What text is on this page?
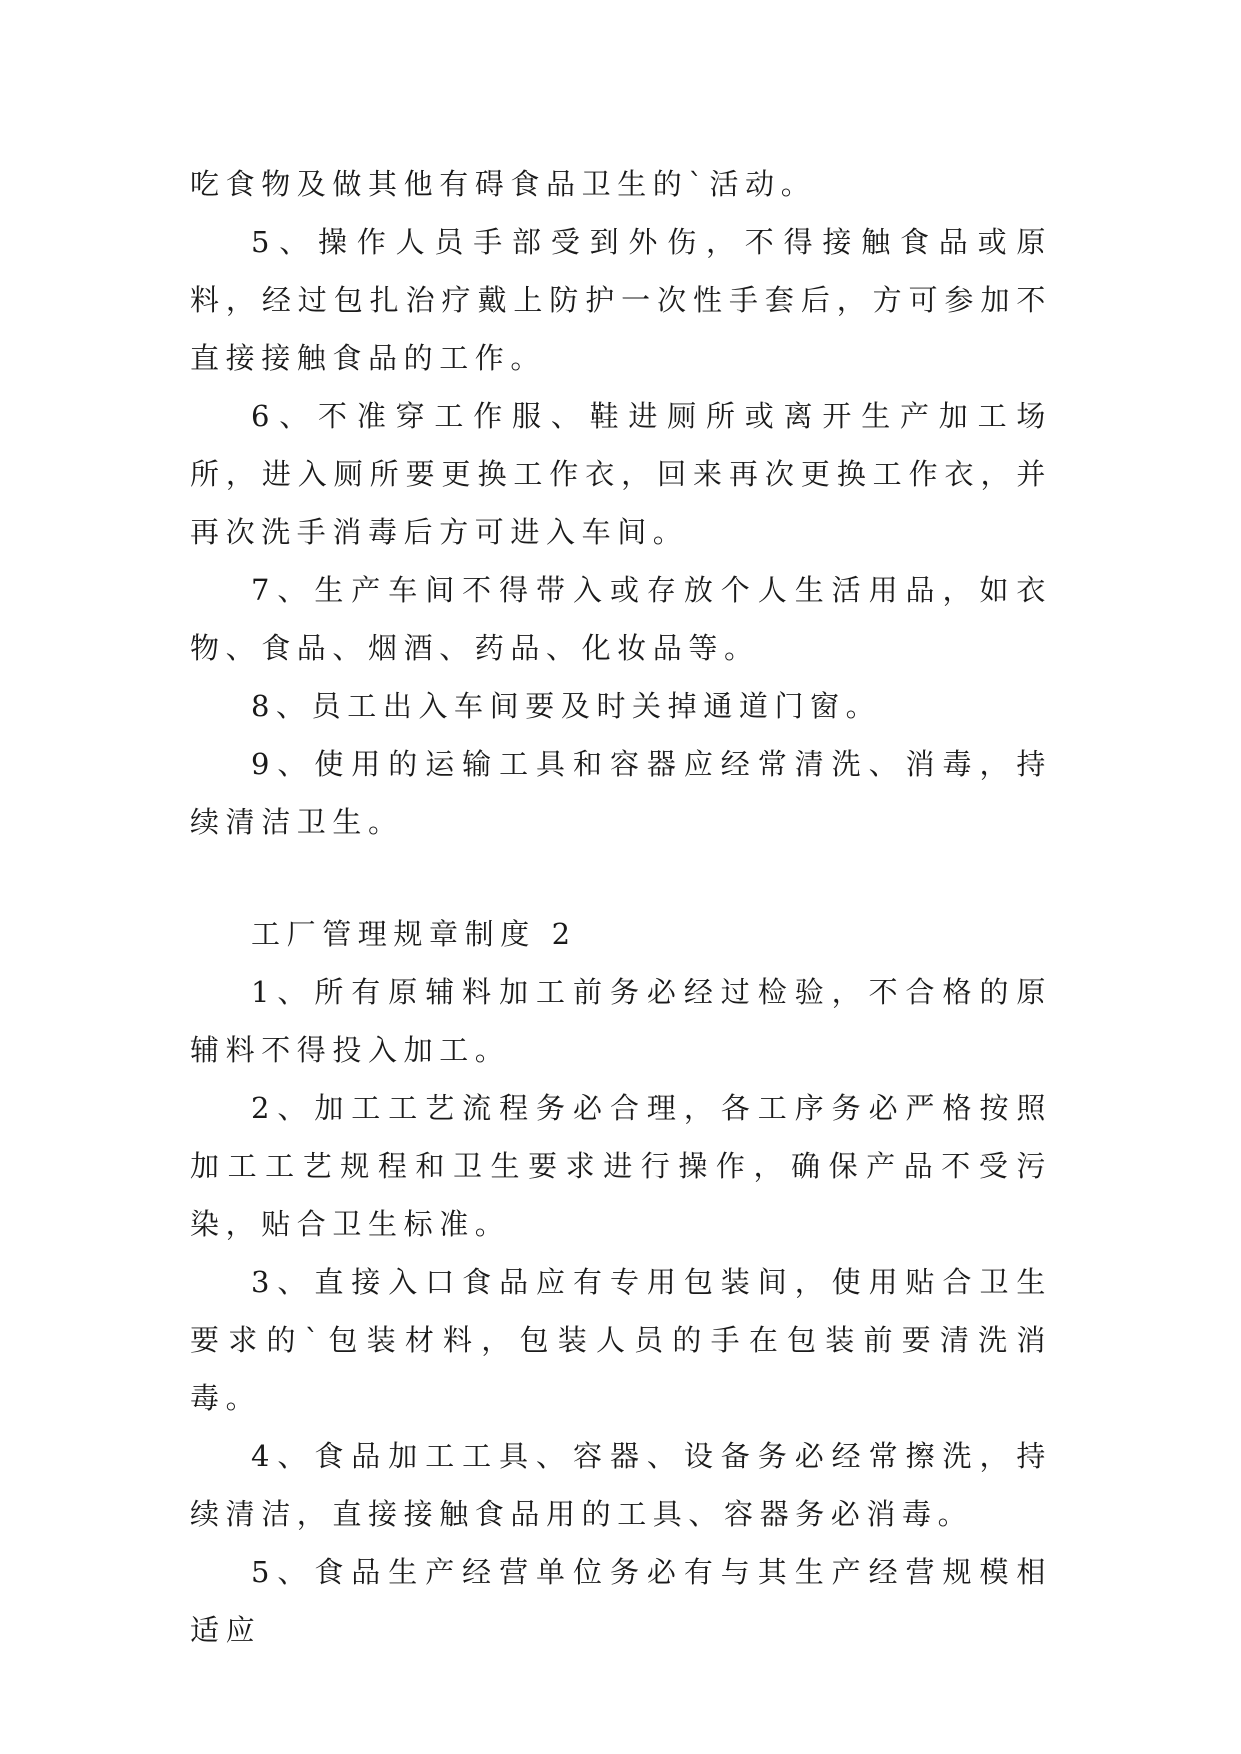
吃食物及做其他有碍食品卫生的`活动。

5、操作人员手部受到外伤，不得接触食品或原料，经过包扎治疗戴上防护一次性手套后，方可参加不直接接触食品的工作。

6、不准穿工作服、鞋进厕所或离开生产加工场所，进入厕所要更换工作衣，回来再次更换工作衣，并再次洗手消毒后方可进入车间。

7、生产车间不得带入或存放个人生活用品，如衣物、食品、烟酒、药品、化妆品等。

8、员工出入车间要及时关掉通道门窗。

9、使用的运输工具和容器应经常清洗、消毒，持续清洁卫生。

工厂管理规章制度 2

1、所有原辅料加工前务必经过检验，不合格的原辅料不得投入加工。

2、加工工艺流程务必合理，各工序务必严格按照加工工艺规程和卫生要求进行操作，确保产品不受污染，贴合卫生标准。

3、直接入口食品应有专用包装间，使用贴合卫生要求的`包装材料，包装人员的手在包装前要清洗消毒。

4、食品加工工具、容器、设备务必经常擦洗，持续清洁，直接接触食品用的工具、容器务必消毒。

5、食品生产经营单位务必有与其生产经营规模相适应
